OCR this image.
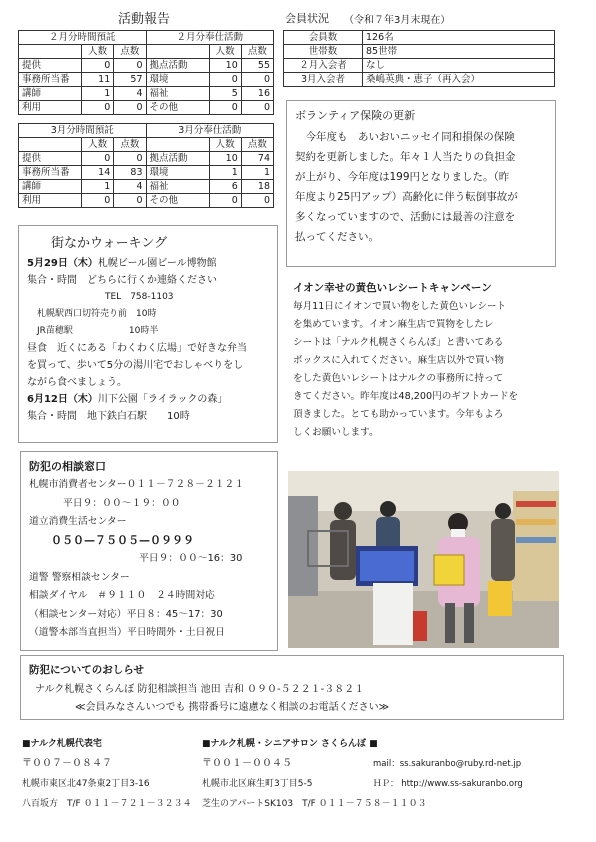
活動報告	会員状況 （令和７年3月末現在）
２月分時間預託			２月分奉仕活動		
	人数	点数		人数	点数
提供	0	0	拠点活動	10	55
事務所当番	11	57	環境	0	0
講師	1	4	福祉	5	16
利用	0	0	その他	0	0
3月分時間預託			3月分奉仕活動		
	人数	点数		人数	点数
提供	0	0	拠点活動	10	74
事務所当番	14	83	環境	1	1
講師	1	4	福祉	6	18
利用	0	0	その他	0	0
会員数	126名
世帯数	85世帯
２月入会者	なし
3月入会者	桑嶋英典・恵子（再入会）
ボランティア保険の更新
　今年度も　あいおいニッセイ同和損保の保険
契約を更新しました。年々１人当たりの負担金
が上がり、今年度は199円となりました。（昨
年度より25円アップ）高齢化に伴う転倒事故が
多くなっていますので、活動には最善の注意を
払ってください。
街なかウォーキング
5月29日（木）札幌ビール園ビール博物館
集合・時間　どちらに行くか連絡ください
TEL　758-1103
札幌駅西口切符売り前　10時
JR苗穂駅	10時半
昼食　近くにある「わくわく広場」で好きな弁当
を買って、歩いて5分の湯川宅でおしゃべりをし
ながら食べましょう。
6月12日（木）川下公園「ライラックの森」
集合・時間　地下鉄白石駅　　10時
イオン幸せの黄色いレシートキャンペーン
毎月11日にイオンで買い物をした黄色いレシート
を集めています。イオン麻生店で買物をしたレ
シートは「ナルク札幌さくらんぼ」と書いてある
ボックスに入れてください。麻生店以外で買い物
をした黄色いレシートはナルクの事務所に持って
きてください。昨年度は48,200円のギフトカードを
頂きました。とても助かっています。今年もよろ
しくお願いします。
防犯の相談窓口
札幌市消費者センター０１１－７２８－２１２１
平日９：００～１９：００
道立消費生活センター
０５０—７５０５—０９９９
平日９：００～16：30
道警 警察相談センター
相談ダイヤル　＃９１１０　２４時間対応
（相談センター対応）平日８：45～17：30
（道警本部当直担当）平日時間外・土日祝日
防犯についてのおしらせ
ナルク札幌さくらんぼ 防犯相談担当 池田 吉和 ０９０-５２２１-３８２１
≪会員みなさんいつでも 携帯番号に遠慮なく相談のお電話ください≫
■ナルク札幌代表宅
〒００７－０８４７
札幌市東区北47条東2丁目3-16
八百坂方　T/F ０１１－７２１－３２３４
■ナルク札幌・シニアサロン さくらんぼ ■
〒００１－００４５
札幌市北区麻生町3丁目5-5
芝生のアパートSK103　T/F ０１１－７５８－１１０３
mail：ss.sakuranbo@ruby.rd-net.jp
ＨＰ： http://www.ss-sakuranbo.org
